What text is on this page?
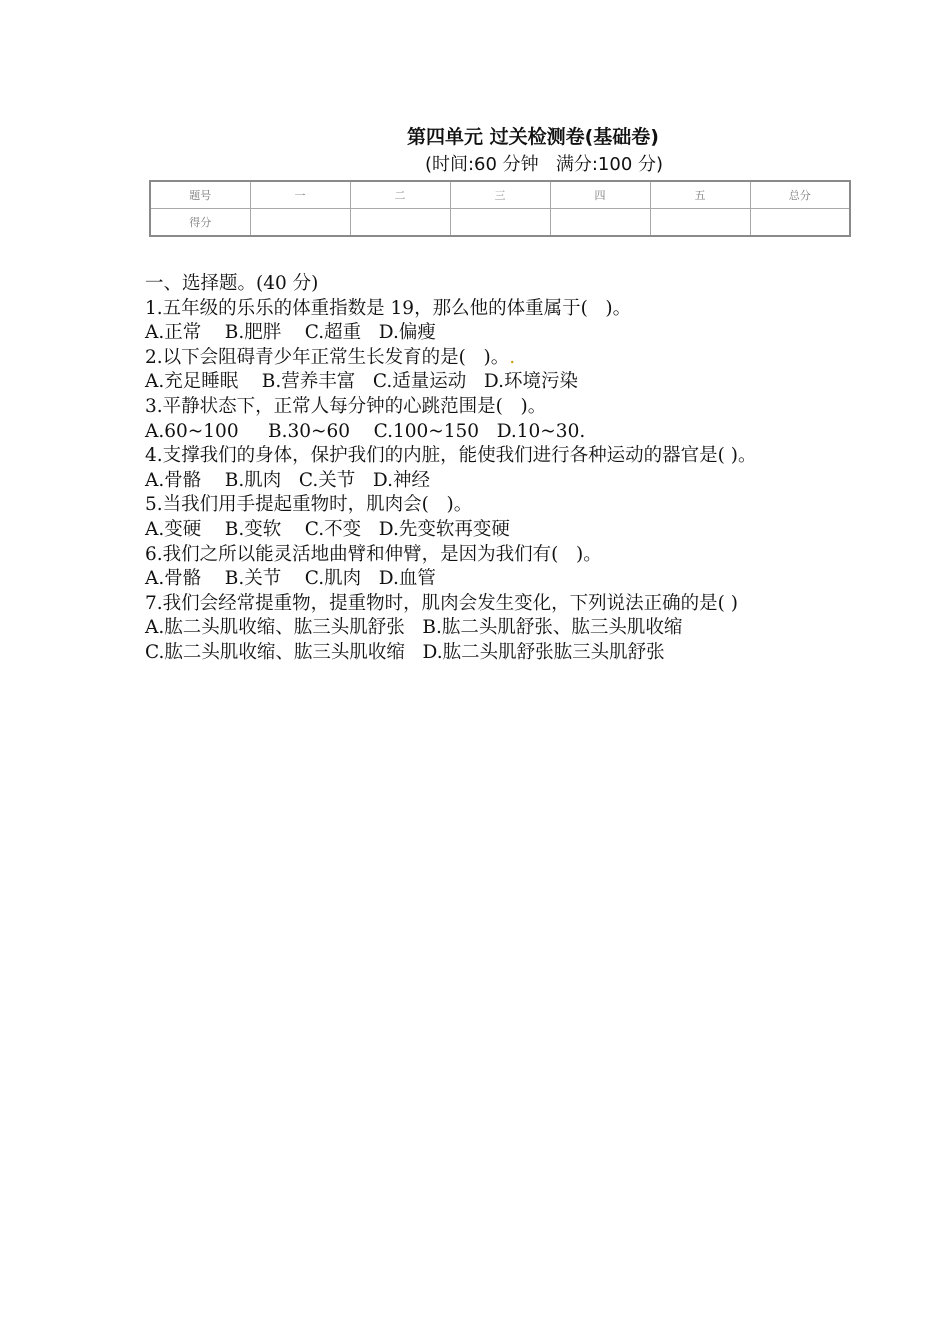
第四单元 过关检测卷(基础卷)
(时间:60 分钟   满分:100 分)
题号	一	二	三	四	五	总分
得分						
一、选择题。(40 分)
1.五年级的乐乐的体重指数是 19，那么他的体重属于(   )。
A.正常    B.肥胖    C.超重   D.偏瘦
2.以下会阻碍青少年正常生长发育的是(   )。.
A.充足睡眠    B.营养丰富   C.适量运动   D.环境污染
3.平静状态下，正常人每分钟的心跳范围是(   )。
A.60~100     B.30~60    C.100~150   D.10~30.
4.支撑我们的身体，保护我们的内脏，能使我们进行各种运动的器官是( )。
A.骨骼    B.肌肉   C.关节   D.神经
5.当我们用手提起重物时，肌肉会(   )。
A.变硬    B.变软    C.不变   D.先变软再变硬
6.我们之所以能灵活地曲臂和伸臂，是因为我们有(   )。
A.骨骼    B.关节    C.肌肉   D.血管
7.我们会经常提重物，提重物时，肌肉会发生变化，下列说法正确的是( )
A.肱二头肌收缩、肱三头肌舒张   B.肱二头肌舒张、肱三头肌收缩
C.肱二头肌收缩、肱三头肌收缩   D.肱二头肌舒张肱三头肌舒张
